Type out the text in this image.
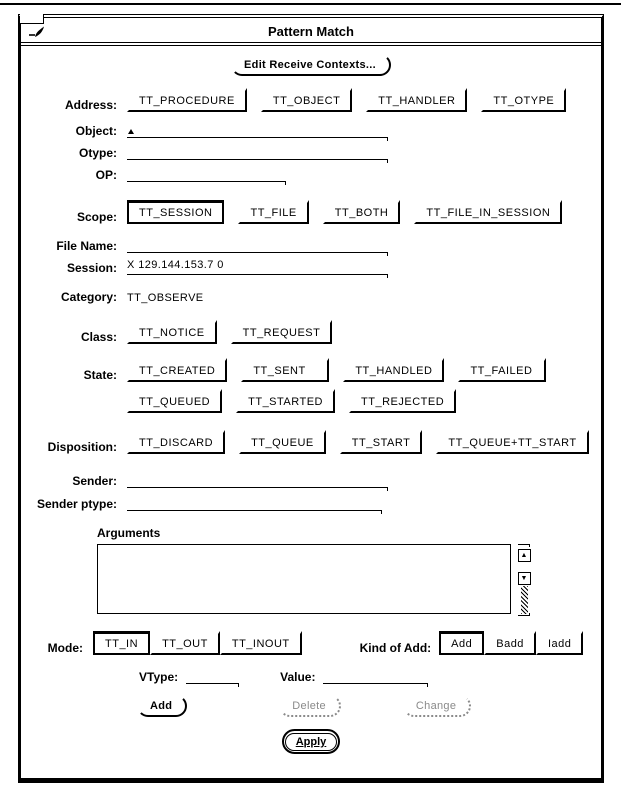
Pattern Match
Edit Receive Contexts...
Address:	TT_PROCEDURE	TT_OBJECT	TT_HANDLER	TT_OTYPE
Object:
Otype:
OP:
Scope:	TT_SESSION	TT_FILE	TT_BOTH	TT_FILE_IN_SESSION
File Name:
Session: X 129.144.153.7 0
Category: TT_OBSERVE
Class:	TT_NOTICE	TT_REQUEST
State:	TT_CREATED	TT_SENT	TT_HANDLED	TT_FAILED
TT_QUEUED	TT_STARTED	TT_REJECTED
Disposition:	TT_DISCARD	TT_QUEUE	TT_START	TT_QUEUE+TT_START
Sender:
Sender ptype:
Arguments
▲
▼
Mode:	TT_IN	TT_OUT	TT_INOUT	Kind of Add:	Add	Badd	Iadd
VType:	Value:
Add	Delete	Change
Apply
